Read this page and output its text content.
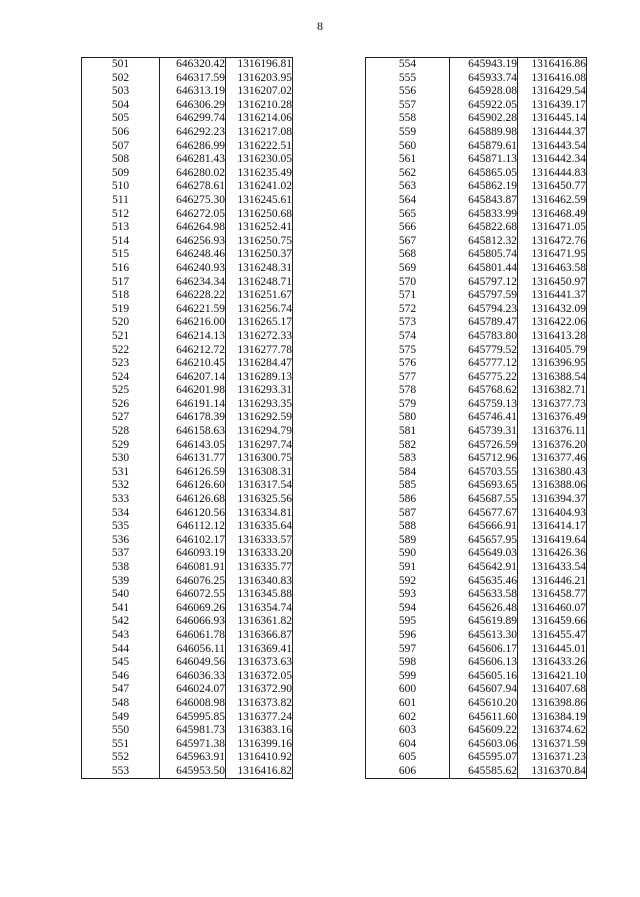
8
501	646320.42	1316196.81
502	646317.59	1316203.95
503	646313.19	1316207.02
504	646306.29	1316210.28
505	646299.74	1316214.06
506	646292.23	1316217.08
507	646286.99	1316222.51
508	646281.43	1316230.05
509	646280.02	1316235.49
510	646278.61	1316241.02
511	646275.30	1316245.61
512	646272.05	1316250.68
513	646264.98	1316252.41
514	646256.93	1316250.75
515	646248.46	1316250.37
516	646240.93	1316248.31
517	646234.34	1316248.71
518	646228.22	1316251.67
519	646221.59	1316256.74
520	646216.00	1316265.17
521	646214.13	1316272.33
522	646212.72	1316277.78
523	646210.45	1316284.47
524	646207.14	1316289.13
525	646201.98	1316293.31
526	646191.14	1316293.35
527	646178.39	1316292.59
528	646158.63	1316294.79
529	646143.05	1316297.74
530	646131.77	1316300.75
531	646126.59	1316308.31
532	646126.60	1316317.54
533	646126.68	1316325.56
534	646120.56	1316334.81
535	646112.12	1316335.64
536	646102.17	1316333.57
537	646093.19	1316333.20
538	646081.91	1316335.77
539	646076.25	1316340.83
540	646072.55	1316345.88
541	646069.26	1316354.74
542	646066.93	1316361.82
543	646061.78	1316366.87
544	646056.11	1316369.41
545	646049.56	1316373.63
546	646036.33	1316372.05
547	646024.07	1316372.90
548	646008.98	1316373.82
549	645995.85	1316377.24
550	645981.73	1316383.16
551	645971.38	1316399.16
552	645963.91	1316410.92
553	645953.50	1316416.82
554	645943.19	1316416.86
555	645933.74	1316416.08
556	645928.08	1316429.54
557	645922.05	1316439.17
558	645902.28	1316445.14
559	645889.98	1316444.37
560	645879.61	1316443.54
561	645871.13	1316442.34
562	645865.05	1316444.83
563	645862.19	1316450.77
564	645843.87	1316462.59
565	645833.99	1316468.49
566	645822.68	1316471.05
567	645812.32	1316472.76
568	645805.74	1316471.95
569	645801.44	1316463.58
570	645797.12	1316450.97
571	645797.59	1316441.37
572	645794.23	1316432.09
573	645789.47	1316422.06
574	645783.80	1316413.28
575	645779.52	1316405.79
576	645777.12	1316396.95
577	645775.22	1316388.54
578	645768.62	1316382.71
579	645759.13	1316377.73
580	645746.41	1316376.49
581	645739.31	1316376.11
582	645726.59	1316376.20
583	645712.96	1316377.46
584	645703.55	1316380.43
585	645693.65	1316388.06
586	645687.55	1316394.37
587	645677.67	1316404.93
588	645666.91	1316414.17
589	645657.95	1316419.64
590	645649.03	1316426.36
591	645642.91	1316433.54
592	645635.46	1316446.21
593	645633.58	1316458.77
594	645626.48	1316460.07
595	645619.89	1316459.66
596	645613.30	1316455.47
597	645606.17	1316445.01
598	645606.13	1316433.26
599	645605.16	1316421.10
600	645607.94	1316407.68
601	645610.20	1316398.86
602	645611.60	1316384.19
603	645609.22	1316374.62
604	645603.06	1316371.59
605	645595.07	1316371.23
606	645585.62	1316370.84
